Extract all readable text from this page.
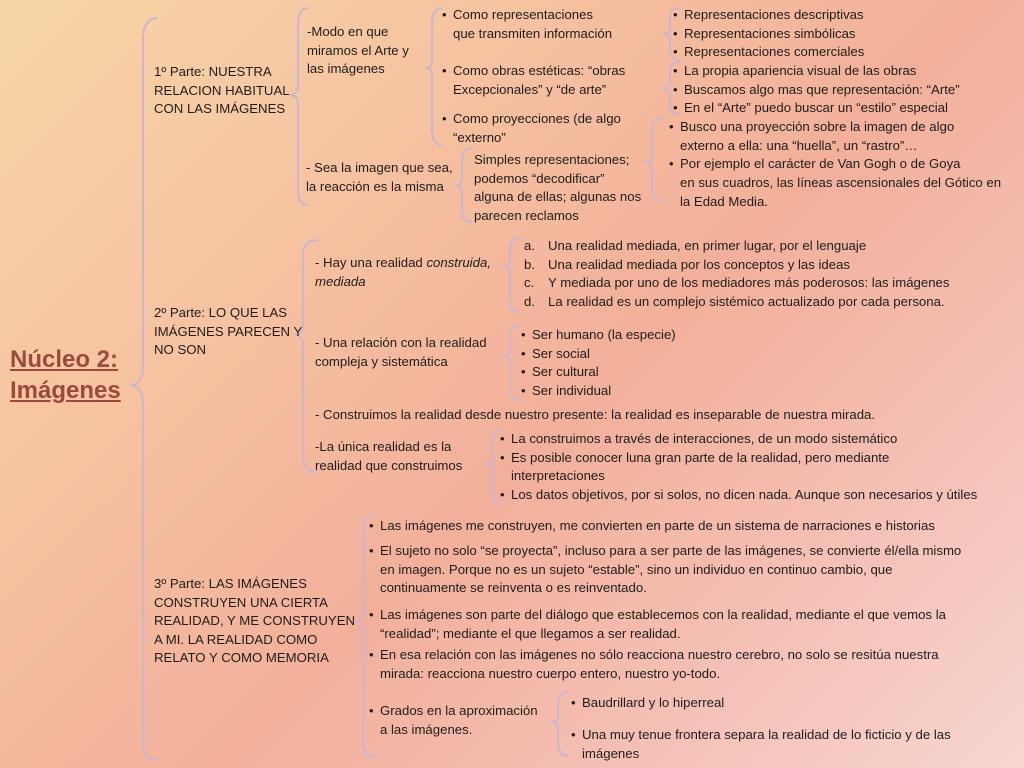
Núcleo 2:
Imágenes
1º Parte: NUESTRA
RELACION HABITUAL
CON LAS IMÁGENES
-Modo en que
miramos el Arte y
las imágenes
• Como representaciones
que transmiten información
• Como obras estéticas: “obras
Excepcionales” y “de arte”
• Como proyecciones (de algo
“externo”
• Representaciones descriptivas
• Representaciones simbólicas
• Representaciones comerciales
• La propia apariencia visual de las obras
• Buscamos algo mas que representación: “Arte”
• En el “Arte” puedo buscar un “estilo” especial
• Busco una proyección sobre la imagen de algo
externo a ella: una “huella”, un “rastro”…
• Por ejemplo el carácter de Van Gogh o de Goya
en sus cuadros, las líneas ascensionales del Gótico en
la Edad Media.
- Sea la imagen que sea,
la reacción es la misma
Simples representaciones;
podemos “decodificar”
alguna de ellas; algunas nos
parecen reclamos
2º Parte: LO QUE LAS
IMÁGENES PARECEN Y
NO SON
- Hay una realidad construida,
mediada
a. Una realidad mediada, en primer lugar, por el lenguaje
b. Una realidad mediada por los conceptos y las ideas
c. Y mediada por uno de los mediadores más poderosos: las imágenes
d. La realidad es un complejo sistémico actualizado por cada persona.
- Una relación con la realidad
compleja y sistemática
• Ser humano (la especie)
• Ser social
• Ser cultural
• Ser individual
- Construimos la realidad desde nuestro presente: la realidad es inseparable de nuestra mirada.
-La única realidad es la
realidad que construimos
• La construimos a través de interacciones, de un modo sistemático
• Es posible conocer luna gran parte de la realidad, pero mediante
interpretaciones
• Los datos objetivos, por si solos, no dicen nada. Aunque son necesarios y útiles
3º Parte: LAS IMÁGENES
CONSTRUYEN UNA CIERTA
REALIDAD, Y ME CONSTRUYEN
A MI. LA REALIDAD COMO
RELATO Y COMO MEMORIA
• Las imágenes me construyen, me convierten en parte de un sistema de narraciones e historias
• El sujeto no solo “se proyecta”, incluso para a ser parte de las imágenes, se convierte él/ella mismo
en imagen. Porque no es un sujeto “estable”, sino un individuo en continuo cambio, que
continuamente se reinventa o es reinventado.
• Las imágenes son parte del diálogo que establecemos con la realidad, mediante el que vemos la
“realidad”; mediante el que llegamos a ser realidad.
• En esa relación con las imágenes no sólo reacciona nuestro cerebro, no solo se resitúa nuestra
mirada: reacciona nuestro cuerpo entero, nuestro yo-todo.
• Grados en la aproximación
a las imágenes.
• Baudrillard y lo hiperreal
• Una muy tenue frontera separa la realidad de lo ficticio y de las
imágenes
